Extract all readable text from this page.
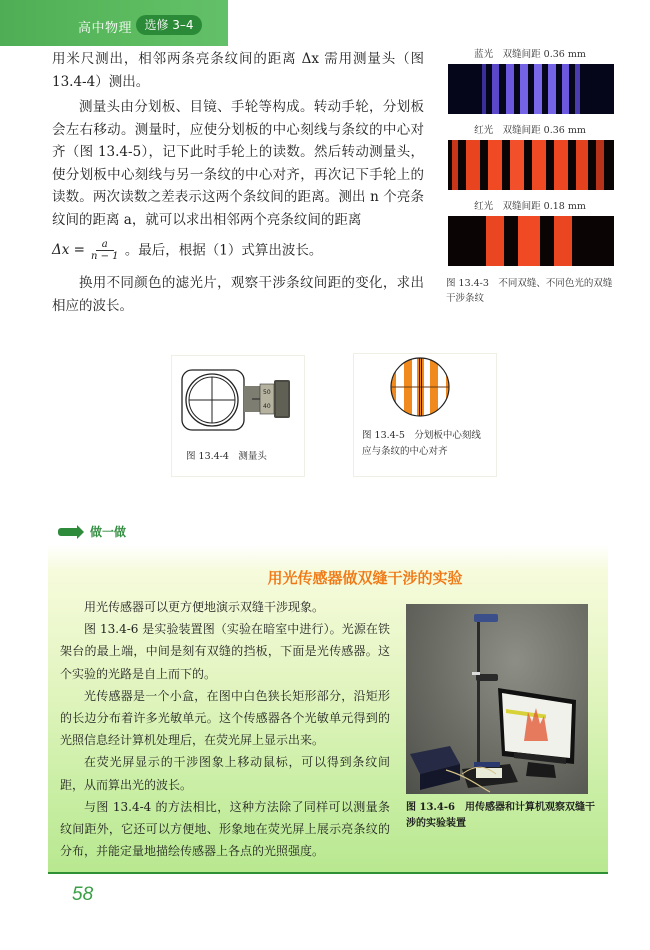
高中物理	选修 3–4

用米尺测出，相邻两条亮条纹间的距离 Δx 需用测量头（图 13.4-4）测出。

测量头由分划板、目镜、手轮等构成。转动手轮，分划板会左右移动。测量时，应使分划板的中心刻线与条纹的中心对齐（图 13.4-5），记下此时手轮上的读数。然后转动测量头，使分划板中心刻线与另一条纹的中心对齐，再次记下手轮上的读数。两次读数之差表示这两个条纹间的距离。测出 n 个亮条纹间的距离 a，就可以求出相邻两个亮条纹间的距离

$\Delta x = \frac{a}{n - 1}$ 。最后，根据（1）式算出波长。

换用不同颜色的滤光片，观察干涉条纹间距的变化，求出相应的波长。

蓝光　双缝间距 0.36 mm
红光　双缝间距 0.36 mm
红光　双缝间距 0.18 mm
图 13.4-3　不同双缝、不同色光的双缝干涉条纹
50
40
图 13.4-4　测量头
图 13.4-5　分划板中心刻线应与条纹的中心对齐
做一做
用光传感器做双缝干涉的实验

用光传感器可以更方便地演示双缝干涉现象。

图 13.4-6 是实验装置图（实验在暗室中进行）。光源在铁架台的最上端，中间是刻有双缝的挡板，下面是光传感器。这个实验的光路是自上而下的。

光传感器是一个小盒，在图中白色狭长矩形部分，沿矩形的长边分布着许多光敏单元。这个传感器各个光敏单元得到的光照信息经计算机处理后，在荧光屏上显示出来。

在荧光屏显示的干涉图象上移动鼠标，可以得到条纹间距，从而算出光的波长。

与图 13.4-4 的方法相比，这种方法除了同样可以测量条纹间距外，它还可以方便地、形象地在荧光屏上展示亮条纹的分布，并能定量地描绘传感器上各点的光照强度。

图 13.4-6　用传感器和计算机观察双缝干涉的实验装置
58
